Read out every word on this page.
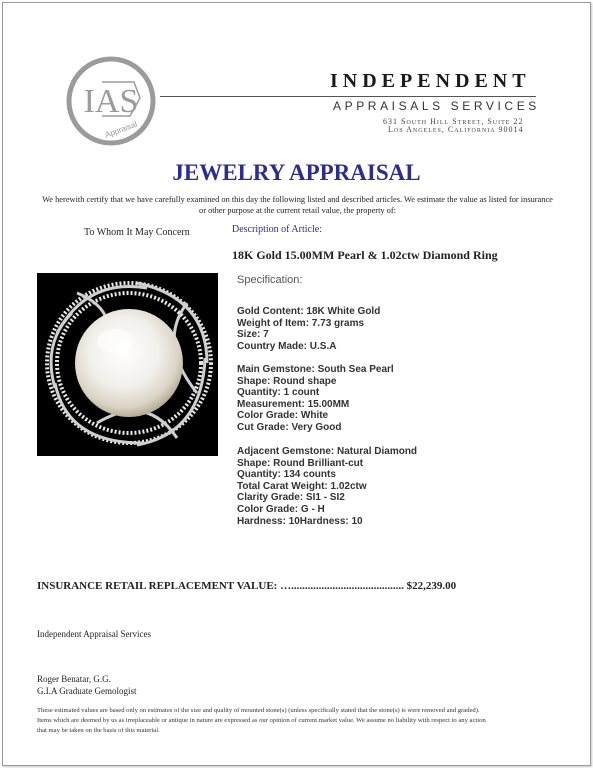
IAS
Appraisal
INDEPENDENT
APPRAISALS SERVICES
631 South Hill Street, Suite 22
Los Angeles, California 90014
JEWELRY APPRAISAL
We herewith certify that we have carefully examined on this day the following listed and described articles. We estimate the value as listed for insurance or other purpose at the current retail value, the property of:
To Whom It May Concern	Description of Article:
18K Gold 15.00MM Pearl & 1.02ctw Diamond Ring
Specification:
Gold Content: 18K White Gold
Weight of Item: 7.73 grams
Size: 7
Country Made: U.S.A
Main Gemstone: South Sea Pearl
Shape: Round shape
Quantity: 1 count
Measurement: 15.00MM
Color Grade: White
Cut Grade: Very Good
Adjacent Gemstone: Natural Diamond
Shape: Round Brilliant-cut
Quantity: 134 counts
Total Carat Weight: 1.02ctw
Clarity Grade: SI1 - SI2
Color Grade: G - H
Hardness: 10Hardness: 10
INSURANCE RETAIL REPLACEMENT VALUE: …......................................... $22,239.00
Independent Appraisal Services
Roger Benatar, G.G.
G.I.A Graduate Gemologist
These estimated values are based only on estimates of the size and quality of mounted stone(s) (unless specifically stated that the stone(s) is were removed and graded). Items which are deemed by us as irreplaceable or antique in nature are expressed as our opinion of current market value. We assume no liability with respect to any action that may be taken on the basis of this material.
